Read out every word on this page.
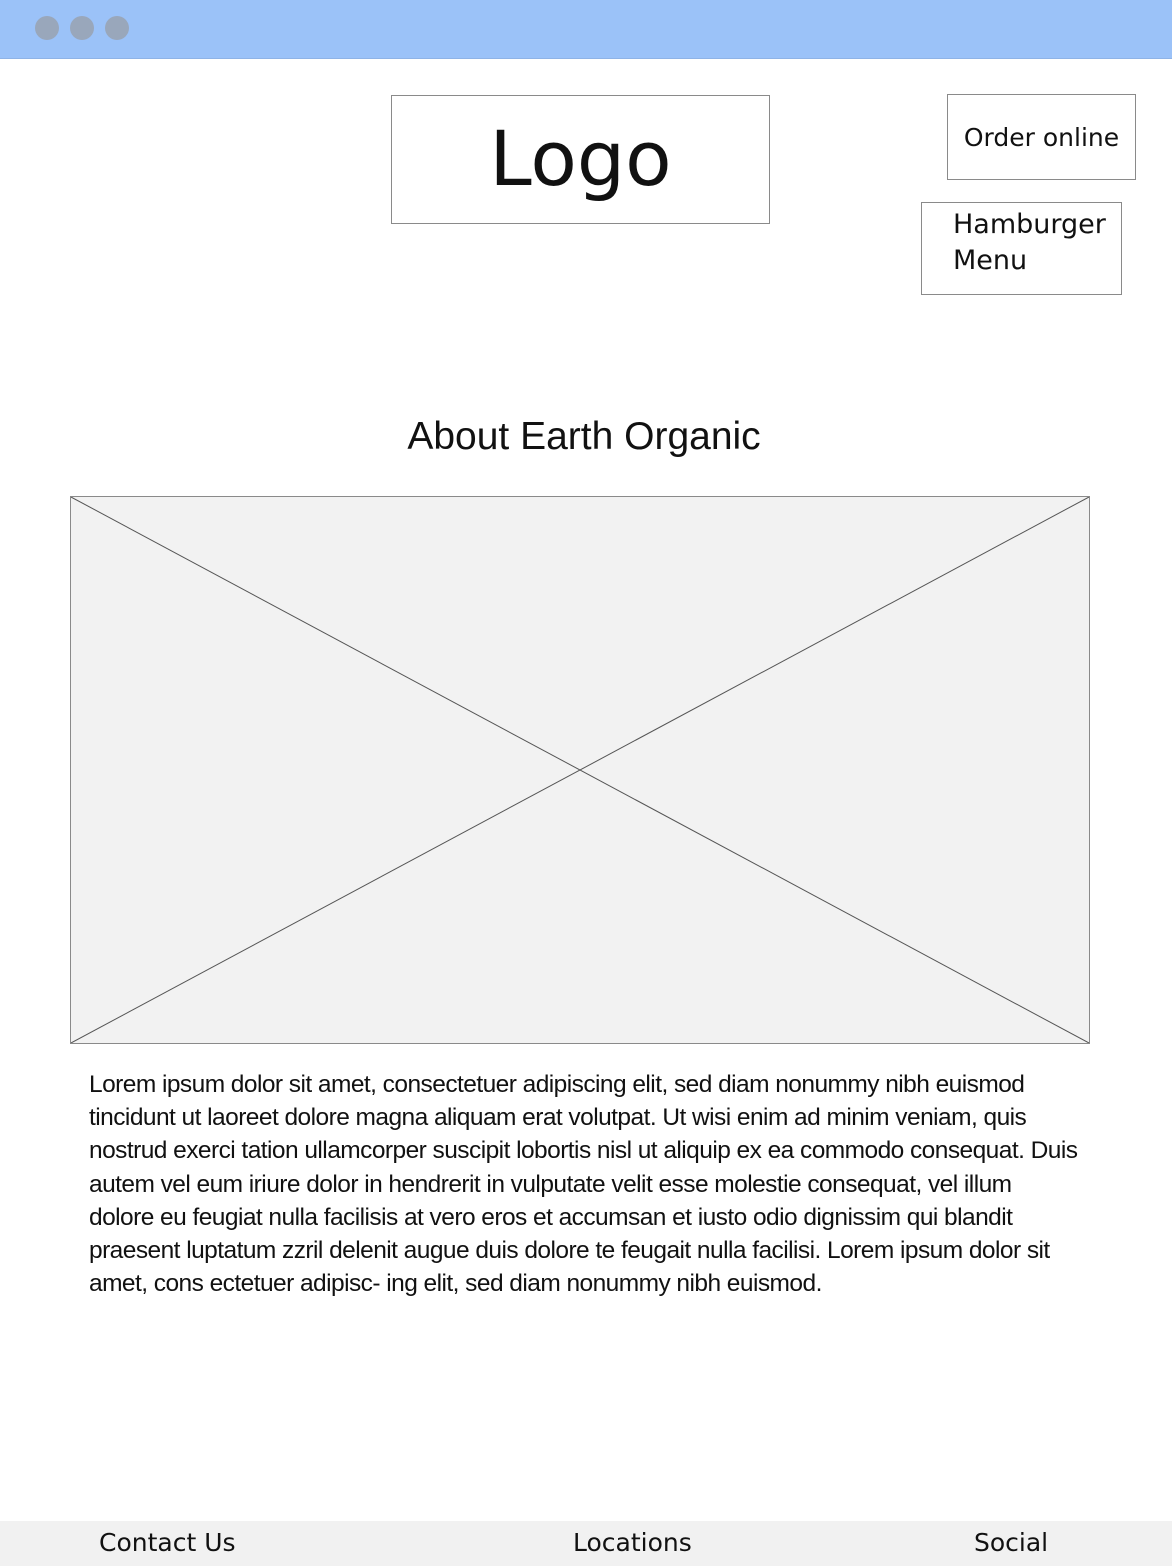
Logo	Order online
Hamburger
Menu
About Earth Organic

Lorem ipsum dolor sit amet, consectetuer adipiscing elit, sed diam nonummy nibh euismod tincidunt ut laoreet dolore magna aliquam erat volutpat. Ut wisi enim ad minim veniam, quis nostrud exerci tation ullamcorper suscipit lobortis nisl ut aliquip ex ea commodo consequat. Duis autem vel eum iriure dolor in hendrerit in vulputate velit esse molestie consequat, vel illum dolore eu feugiat nulla facilisis at vero eros et accumsan et iusto odio dignissim qui blandit praesent luptatum zzril delenit augue duis dolore te feugait nulla facilisi. Lorem ipsum dolor sit amet, cons ectetuer adipisc- ing elit, sed diam nonummy nibh euismod.

Contact Us	Locations	Social
